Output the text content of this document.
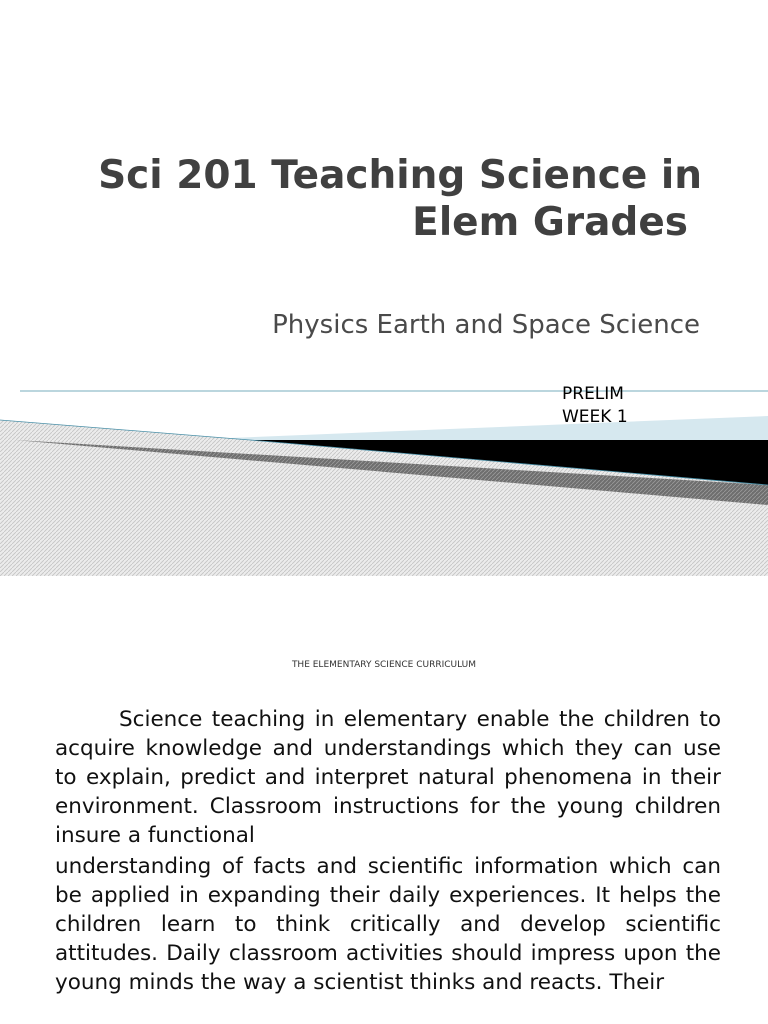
Sci 201 Teaching Science in
Elem Grades
Physics Earth and Space Science
PRELIM
WEEK 1
THE ELEMENTARY SCIENCE CURRICULUM

Science teaching in elementary enable the children to acquire knowledge and understandings which they can use to explain, predict and interpret natural phenomena in their environment. Classroom instructions for the young children insure a functional

understanding of facts and scientific information which can be applied in expanding their daily experiences. It helps the children learn to think critically and develop scientific attitudes. Daily classroom activities should impress upon the young minds the way a scientist thinks and reacts. Their
